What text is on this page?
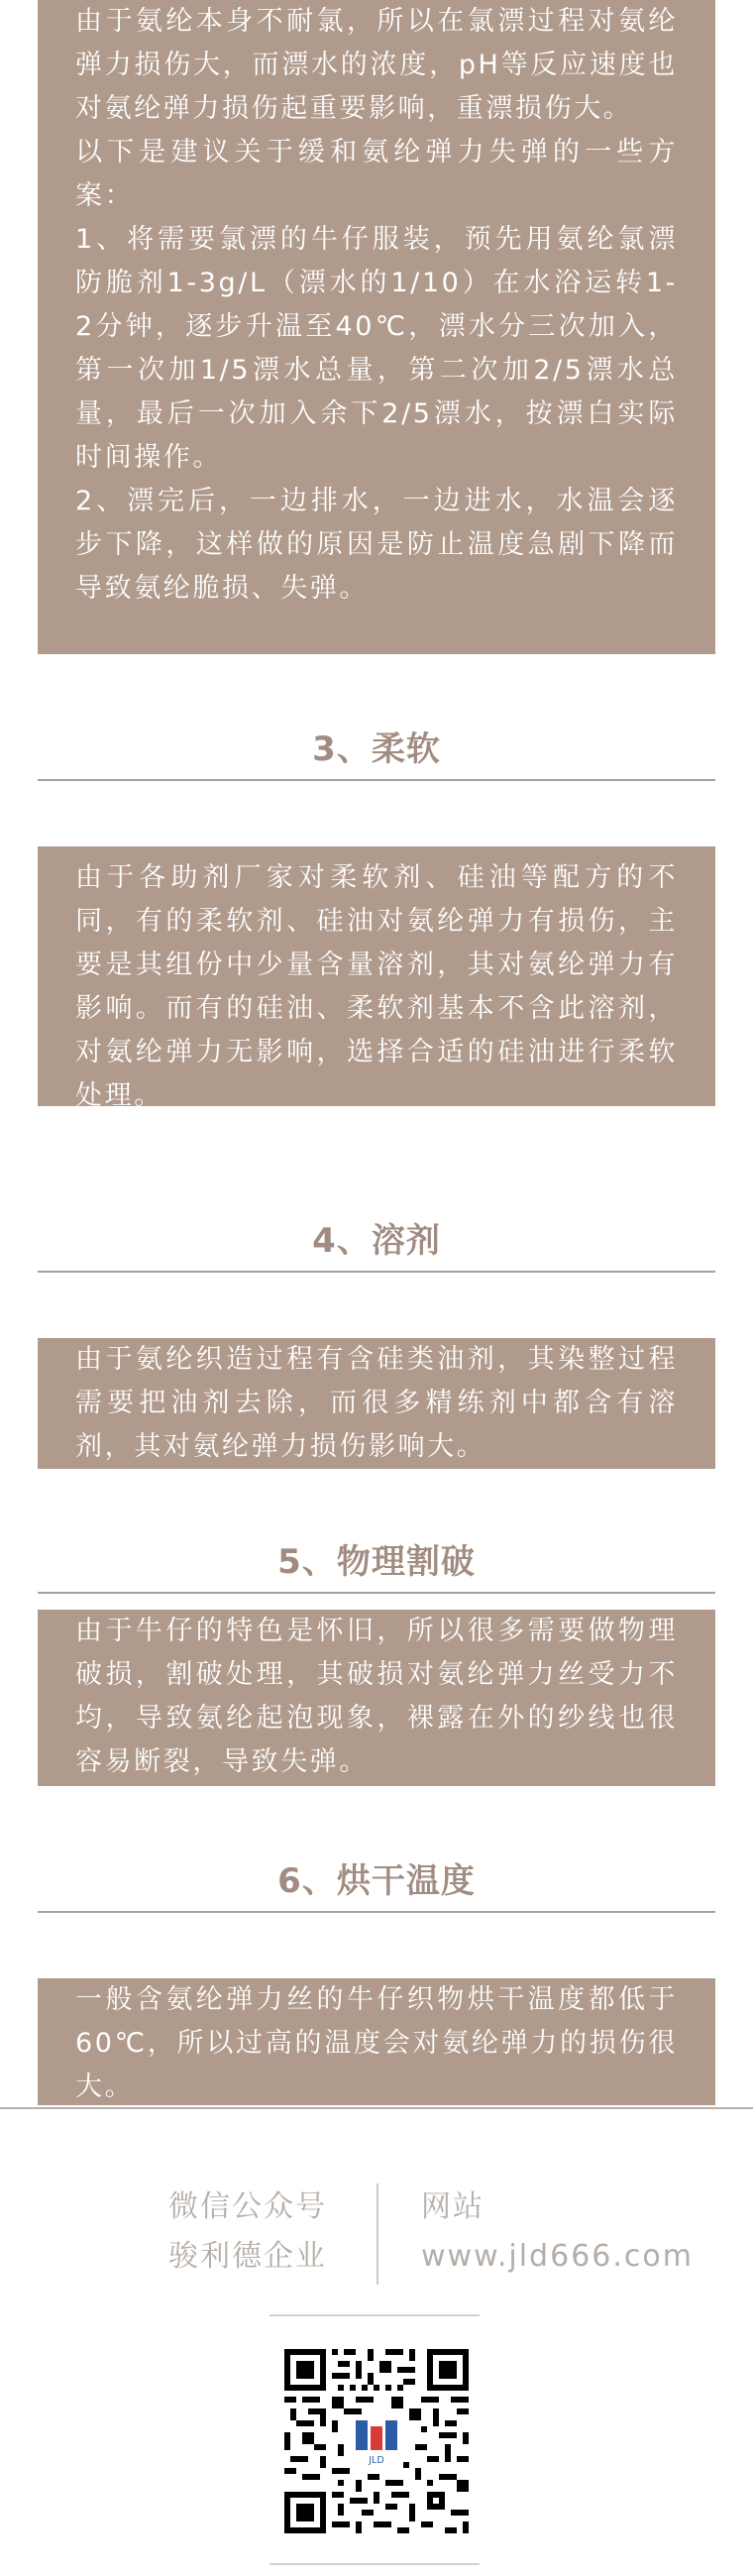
由于氨纶本身不耐氯，所以在氯漂过程对氨纶弹力损伤大，而漂水的浓度，pH等反应速度也对氨纶弹力损伤起重要影响，重漂损伤大。

以下是建议关于缓和氨纶弹力失弹的一些方案：

1、将需要氯漂的牛仔服装，预先用氨纶氯漂防脆剂1-3g/L（漂水的1/10）在水浴运转1-2分钟，逐步升温至40℃，漂水分三次加入，第一次加1/5漂水总量，第二次加2/5漂水总量，最后一次加入余下2/5漂水，按漂白实际时间操作。

2、漂完后，一边排水，一边进水，水温会逐步下降，这样做的原因是防止温度急剧下降而导致氨纶脆损、失弹。

3、柔软

由于各助剂厂家对柔软剂、硅油等配方的不同，有的柔软剂、硅油对氨纶弹力有损伤，主要是其组份中少量含量溶剂，其对氨纶弹力有影响。而有的硅油、柔软剂基本不含此溶剂，对氨纶弹力无影响，选择合适的硅油进行柔软处理。

4、溶剂

由于氨纶织造过程有含硅类油剂，其染整过程需要把油剂去除，而很多精练剂中都含有溶剂，其对氨纶弹力损伤影响大。

5、物理割破

由于牛仔的特色是怀旧，所以很多需要做物理破损，割破处理，其破损对氨纶弹力丝受力不均，导致氨纶起泡现象，裸露在外的纱线也很容易断裂，导致失弹。

6、烘干温度

一般含氨纶弹力丝的牛仔织物烘干温度都低于60℃，所以过高的温度会对氨纶弹力的损伤很大。

微信公众号
骏利德企业
网站
www.jld666.com
JLD
